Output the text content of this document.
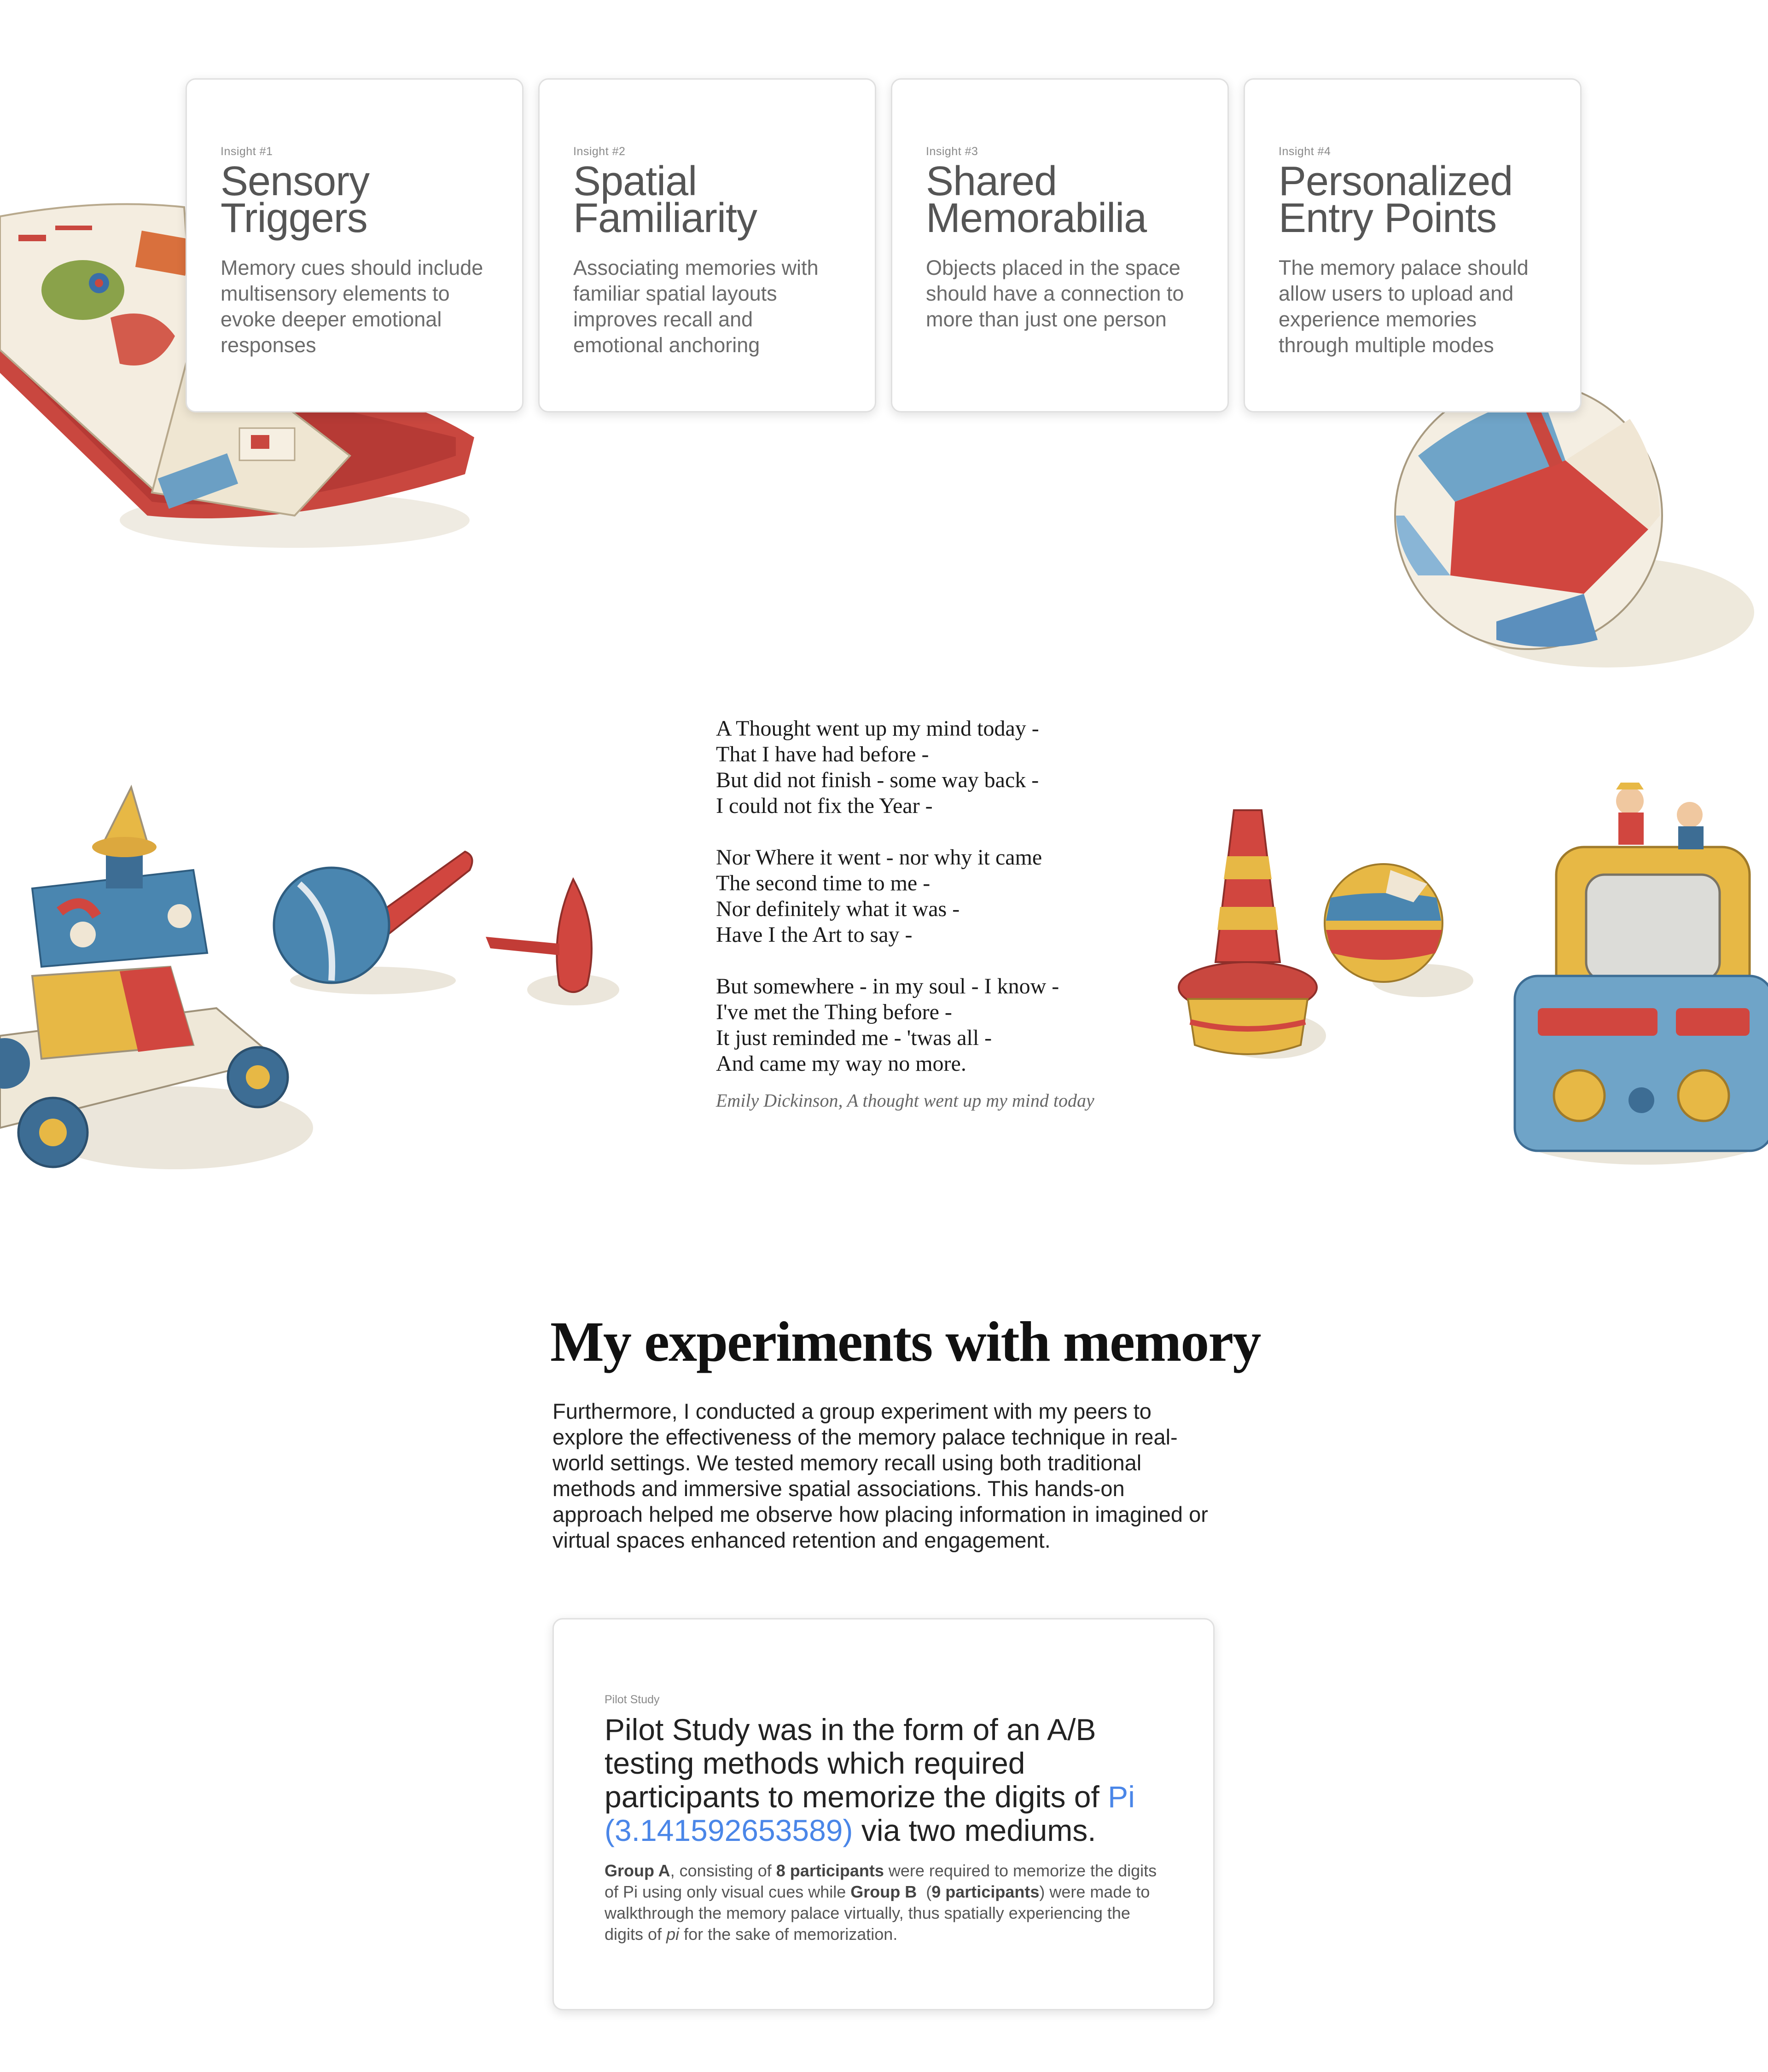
Insight #1
Sensory
Triggers
Memory cues should include multisensory elements to evoke deeper emotional responses
Insight #2
Spatial
Familiarity
Associating memories with familiar spatial layouts improves recall and emotional anchoring
Insight #3
Shared
Memorabilia
Objects placed in the space should have a connection to more than just one person
Insight #4
Personalized
Entry Points
The memory palace should allow users to upload and experience memories through multiple modes
A Thought went up my mind today -
That I have had before -
But did not finish - some way back -
I could not fix the Year -
Nor Where it went - nor why it came
The second time to me -
Nor definitely what it was -
Have I the Art to say -
But somewhere - in my soul - I know -
I've met the Thing before -
It just reminded me - 'twas all -
And came my way no more.
Emily Dickinson, A thought went up my mind today
My experiments with memory

Furthermore, I conducted a group experiment with my peers to explore the effectiveness of the memory palace technique in real-world settings. We tested memory recall using both traditional methods and immersive spatial associations. This hands-on approach helped me observe how placing information in imagined or virtual spaces enhanced retention and engagement.

Pilot Study
Pilot Study was in the form of an A/B testing methods which required participants to memorize the digits of Pi (3.141592653589) via two mediums.

Group A, consisting of 8 participants were required to memorize the digits of Pi using only visual cues while Group B  (9 participants) were made to walkthrough the memory palace virtually, thus spatially experiencing the digits of pi for the sake of memorization.
